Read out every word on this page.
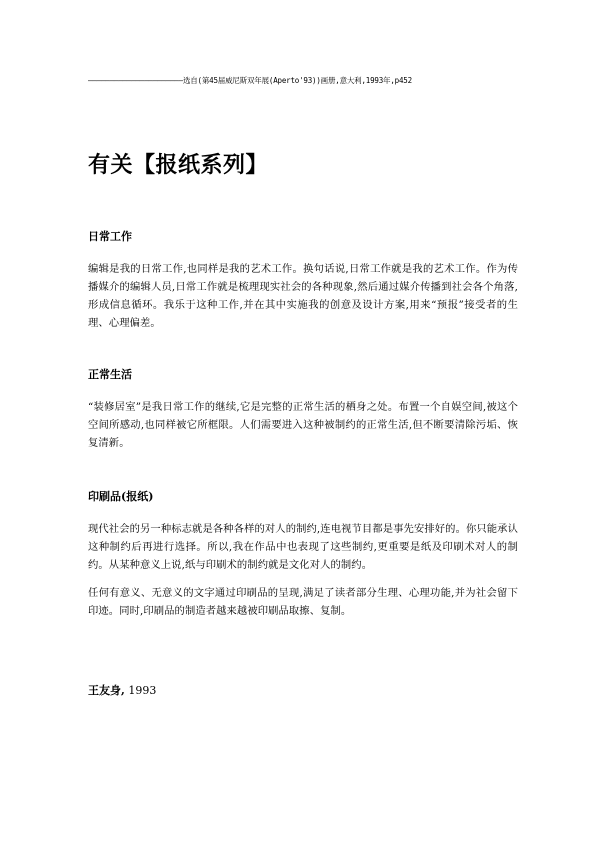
——————————————————————选自(第45届威尼斯双年展(Aperto'93))画册,意大利,1993年,p452
有关【报纸系列】
日常工作

编辑是我的日常工作,也同样是我的艺术工作。换句话说,日常工作就是我的艺术工作。作为传播媒介的编辑人员,日常工作就是梳理现实社会的各种现象,然后通过媒介传播到社会各个角落,形成信息循环。我乐于这种工作,并在其中实施我的创意及设计方案,用来“预报”接受者的生理、心理偏差。

正常生活

“装修居室”是我日常工作的继续,它是完整的正常生活的栖身之处。布置一个自娱空间,被这个空间所感动,也同样被它所框限。人们需要进入这种被制约的正常生活,但不断要清除污垢、恢复清新。

印刷品(报纸)

现代社会的另一种标志就是各种各样的对人的制约,连电视节目都是事先安排好的。你只能承认这种制约后再进行选择。所以,我在作品中也表现了这些制约,更重要是纸及印刷术对人的制约。从某种意义上说,纸与印刷术的制约就是文化对人的制约。

任何有意义、无意义的文字通过印刷品的呈现,满足了读者部分生理、心理功能,并为社会留下印迹。同时,印刷品的制造者越来越被印刷品取擦、复制。

王友身, 1993
